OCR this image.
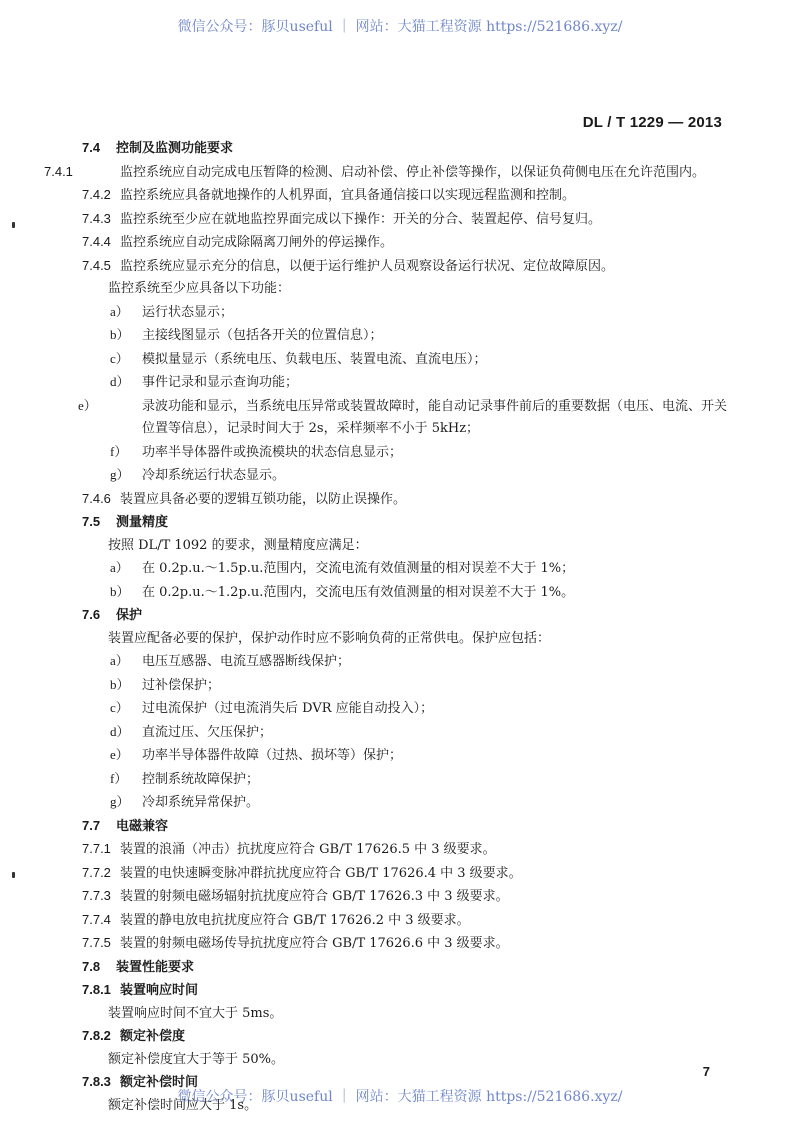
微信公众号：豚贝useful ｜ 网站：大猫工程资源 https://521686.xyz/
DL / T 1229 — 2013
7.4 控制及监测功能要求
7.4.1	监控系统应自动完成电压暂降的检测、启动补偿、停止补偿等操作，以保证负荷侧电压在允许范围内。
7.4.2 监控系统应具备就地操作的人机界面，宜具备通信接口以实现远程监测和控制。
7.4.3 监控系统至少应在就地监控界面完成以下操作：开关的分合、装置起停、信号复归。
7.4.4 监控系统应自动完成除隔离刀闸外的停运操作。
7.4.5 监控系统应显示充分的信息，以便于运行维护人员观察设备运行状况、定位故障原因。
监控系统至少应具备以下功能：
a） 运行状态显示；
b） 主接线图显示（包括各开关的位置信息）；
c） 模拟量显示（系统电压、负载电压、装置电流、直流电压）；
d） 事件记录和显示查询功能；
e）	录波功能和显示，当系统电压异常或装置故障时，能自动记录事件前后的重要数据（电压、电流、开关位置等信息），记录时间大于 2s，采样频率不小于 5kHz；
f） 功率半导体器件或换流模块的状态信息显示；
g） 冷却系统运行状态显示。
7.4.6 装置应具备必要的逻辑互锁功能，以防止误操作。
7.5 测量精度
按照 DL/T 1092 的要求，测量精度应满足：
a） 在 0.2p.u.～1.5p.u.范围内，交流电流有效值测量的相对误差不大于 1%；
b） 在 0.2p.u.～1.2p.u.范围内，交流电压有效值测量的相对误差不大于 1%。
7.6 保护
装置应配备必要的保护，保护动作时应不影响负荷的正常供电。保护应包括：
a） 电压互感器、电流互感器断线保护；
b） 过补偿保护；
c） 过电流保护（过电流消失后 DVR 应能自动投入）；
d） 直流过压、欠压保护；
e） 功率半导体器件故障（过热、损坏等）保护；
f） 控制系统故障保护；
g） 冷却系统异常保护。
7.7 电磁兼容
7.7.1 装置的浪涌（冲击）抗扰度应符合 GB/T 17626.5 中 3 级要求。
7.7.2 装置的电快速瞬变脉冲群抗扰度应符合 GB/T 17626.4 中 3 级要求。
7.7.3 装置的射频电磁场辐射抗扰度应符合 GB/T 17626.3 中 3 级要求。
7.7.4 装置的静电放电抗扰度应符合 GB/T 17626.2 中 3 级要求。
7.7.5 装置的射频电磁场传导抗扰度应符合 GB/T 17626.6 中 3 级要求。
7.8 装置性能要求
7.8.1 装置响应时间
装置响应时间不宜大于 5ms。
7.8.2 额定补偿度
额定补偿度宜大于等于 50%。
7.8.3 额定补偿时间
额定补偿时间应大于 1s。
7
微信公众号：豚贝useful ｜ 网站：大猫工程资源 https://521686.xyz/
